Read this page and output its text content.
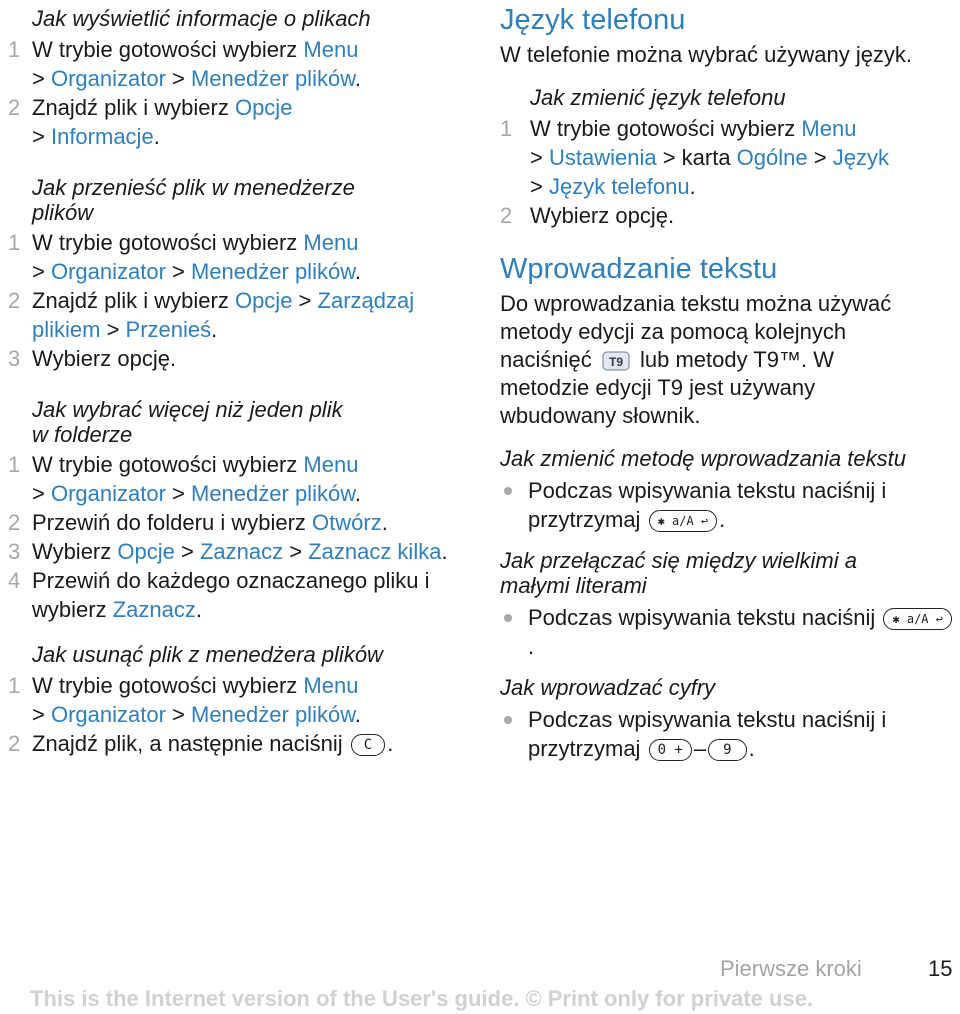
Jak wyświetlić informacje o plikach

1 W trybie gotowości wybierz Menu
> Organizator > Menedżer plików.
2 Znajdź plik i wybierz Opcje
> Informacje.

Jak przenieść plik w menedżerze
plików

1 W trybie gotowości wybierz Menu
> Organizator > Menedżer plików.
2 Znajdź plik i wybierz Opcje > Zarządzaj plikiem > Przenieś.
3 Wybierz opcję.

Jak wybrać więcej niż jeden plik
w folderze

1 W trybie gotowości wybierz Menu
> Organizator > Menedżer plików.
2 Przewiń do folderu i wybierz Otwórz.
3 Wybierz Opcje > Zaznacz > Zaznacz kilka.
4 Przewiń do każdego oznaczanego pliku i wybierz Zaznacz.

Jak usunąć plik z menedżera plików

1 W trybie gotowości wybierz Menu
> Organizator > Menedżer plików.
2 Znajdź plik, a następnie naciśnij C .
Język telefonu

W telefonie można wybrać używany język.

Jak zmienić język telefonu

1 W trybie gotowości wybierz Menu
> Ustawienia > karta Ogólne > Język
> Język telefonu.
2 Wybierz opcję.
Wprowadzanie tekstu

Do wprowadzania tekstu można używać metody edycji za pomocą kolejnych naciśnięć T9 lub metody T9™. W metodzie edycji T9 jest używany wbudowany słownik.

Jak zmienić metodę wprowadzania tekstu

Podczas wpisywania tekstu naciśnij i przytrzymaj ✱ a/A ↩ .

Jak przełączać się między wielkimi a małymi literami

Podczas wpisywania tekstu naciśnij ✱ a/A ↩.

Jak wprowadzać cyfry

Podczas wpisywania tekstu naciśnij i przytrzymaj 0 + – 9 .
Pierwsze kroki	15
This is the Internet version of the User's guide. © Print only for private use.
